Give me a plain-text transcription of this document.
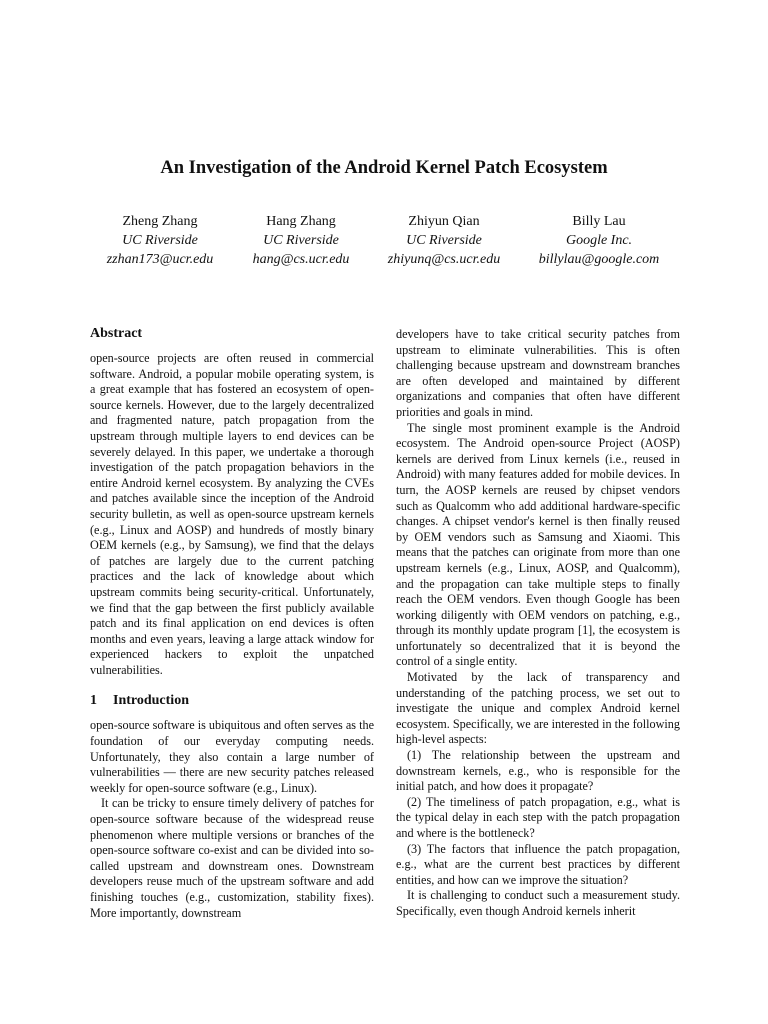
An Investigation of the Android Kernel Patch Ecosystem
Zheng Zhang
UC Riverside
zzhan173@ucr.edu
Hang Zhang
UC Riverside
hang@cs.ucr.edu
Zhiyun Qian
UC Riverside
zhiyunq@cs.ucr.edu
Billy Lau
Google Inc.
billylau@google.com
Abstract

open-source projects are often reused in commercial software. Android, a popular mobile operating system, is a great example that has fostered an ecosystem of open-source kernels. However, due to the largely decentralized and fragmented nature, patch propagation from the upstream through multiple layers to end devices can be severely delayed. In this paper, we undertake a thorough investigation of the patch propagation behaviors in the entire Android kernel ecosystem. By analyzing the CVEs and patches available since the inception of the Android security bulletin, as well as open-source upstream kernels (e.g., Linux and AOSP) and hundreds of mostly binary OEM kernels (e.g., by Samsung), we find that the delays of patches are largely due to the current patching practices and the lack of knowledge about which upstream commits being security-critical. Unfortunately, we find that the gap between the first publicly available patch and its final application on end devices is often months and even years, leaving a large attack window for experienced hackers to exploit the unpatched vulnerabilities.

1 Introduction

open-source software is ubiquitous and often serves as the foundation of our everyday computing needs. Unfortunately, they also contain a large number of vulnerabilities — there are new security patches released weekly for open-source software (e.g., Linux).

It can be tricky to ensure timely delivery of patches for open-source software because of the widespread reuse phenomenon where multiple versions or branches of the open-source software co-exist and can be divided into so-called upstream and downstream ones. Downstream developers reuse much of the upstream software and add finishing touches (e.g., customization, stability fixes). More importantly, downstream

developers have to take critical security patches from upstream to eliminate vulnerabilities. This is often challenging because upstream and downstream branches are often developed and maintained by different organizations and companies that often have different priorities and goals in mind.

The single most prominent example is the Android ecosystem. The Android open-source Project (AOSP) kernels are derived from Linux kernels (i.e., reused in Android) with many features added for mobile devices. In turn, the AOSP kernels are reused by chipset vendors such as Qualcomm who add additional hardware-specific changes. A chipset vendor's kernel is then finally reused by OEM vendors such as Samsung and Xiaomi. This means that the patches can originate from more than one upstream kernels (e.g., Linux, AOSP, and Qualcomm), and the propagation can take multiple steps to finally reach the OEM vendors. Even though Google has been working diligently with OEM vendors on patching, e.g., through its monthly update program [1], the ecosystem is unfortunately so decentralized that it is beyond the control of a single entity.

Motivated by the lack of transparency and understanding of the patching process, we set out to investigate the unique and complex Android kernel ecosystem. Specifically, we are interested in the following high-level aspects:

(1) The relationship between the upstream and downstream kernels, e.g., who is responsible for the initial patch, and how does it propagate?

(2) The timeliness of patch propagation, e.g., what is the typical delay in each step with the patch propagation and where is the bottleneck?

(3) The factors that influence the patch propagation, e.g., what are the current best practices by different entities, and how can we improve the situation?

It is challenging to conduct such a measurement study. Specifically, even though Android kernels inherit
